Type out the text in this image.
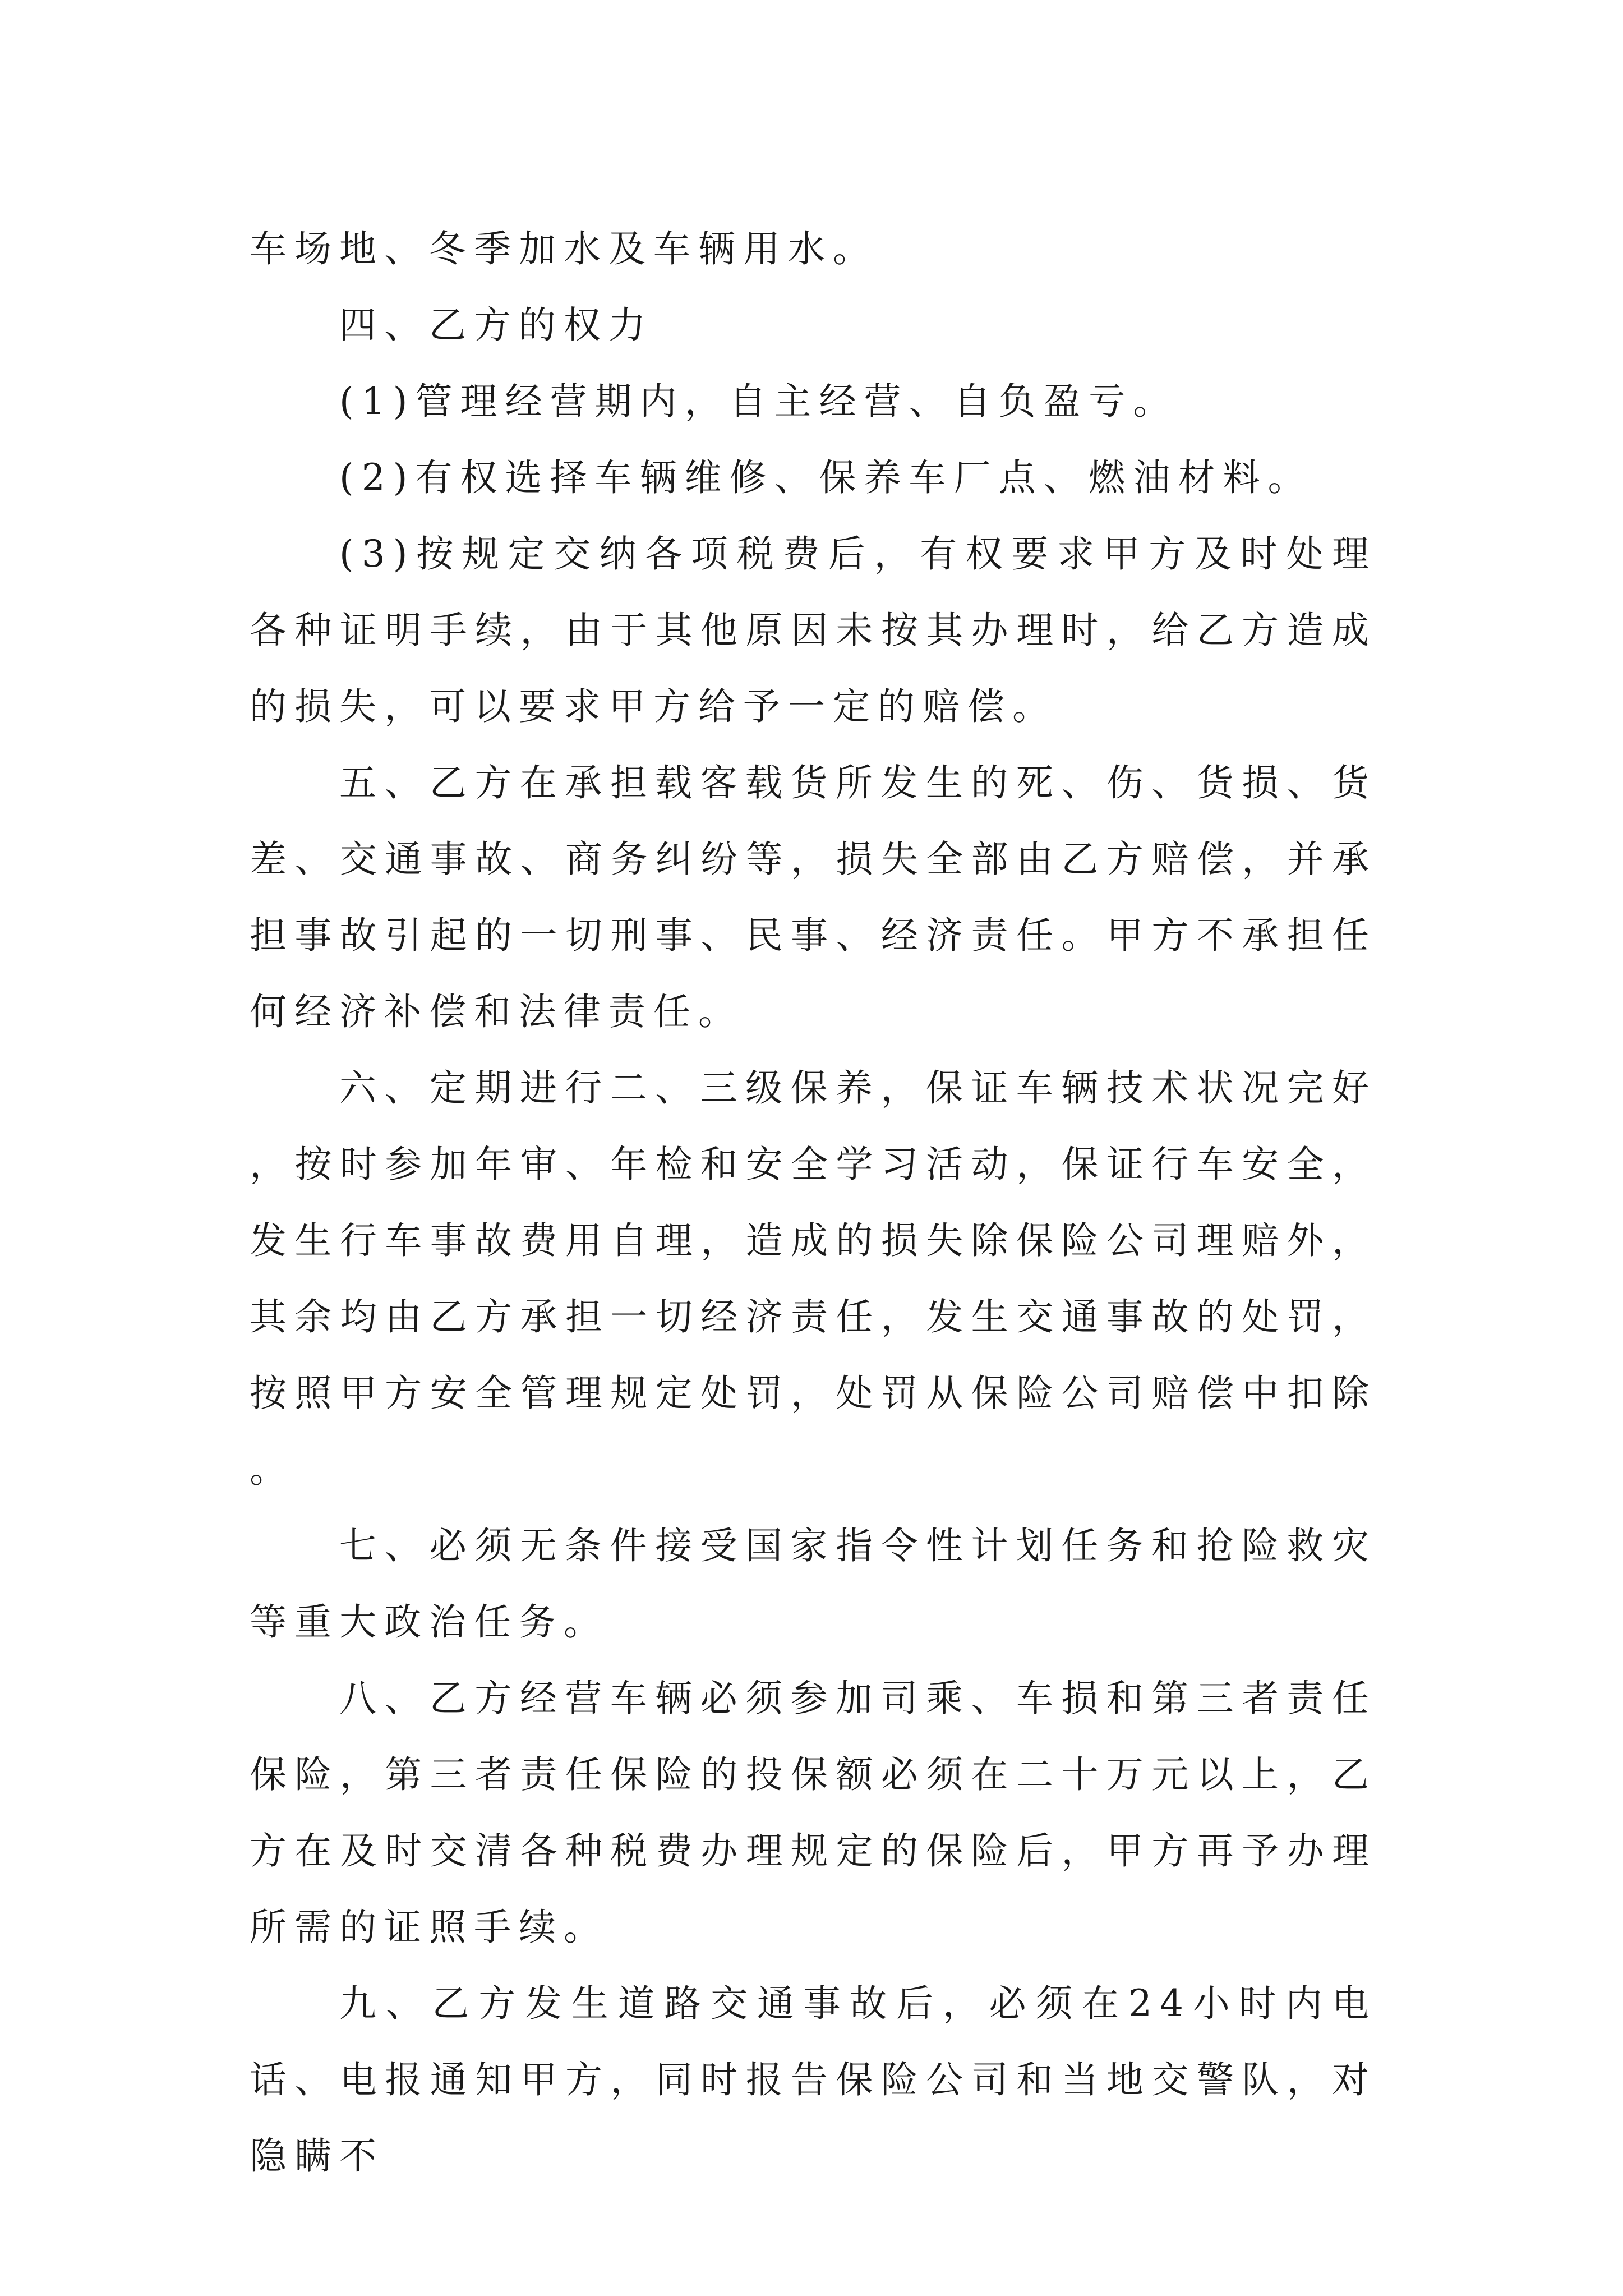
车场地、冬季加水及车辆用水。

四、乙方的权力

(1)管理经营期内，自主经营、自负盈亏。

(2)有权选择车辆维修、保养车厂点、燃油材料。

(3)按规定交纳各项税费后，有权要求甲方及时处理各种证明手续，由于其他原因未按其办理时，给乙方造成的损失，可以要求甲方给予一定的赔偿。

五、乙方在承担载客载货所发生的死、伤、货损、货差、交通事故、商务纠纷等，损失全部由乙方赔偿，并承担事故引起的一切刑事、民事、经济责任。甲方不承担任何经济补偿和法律责任。

六、定期进行二、三级保养，保证车辆技术状况完好，按时参加年审、年检和安全学习活动，保证行车安全，发生行车事故费用自理，造成的损失除保险公司理赔外，其余均由乙方承担一切经济责任，发生交通事故的处罚，按照甲方安全管理规定处罚，处罚从保险公司赔偿中扣除。

七、必须无条件接受国家指令性计划任务和抢险救灾等重大政治任务。

八、乙方经营车辆必须参加司乘、车损和第三者责任保险，第三者责任保险的投保额必须在二十万元以上，乙方在及时交清各种税费办理规定的保险后，甲方再予办理所需的证照手续。

九、乙方发生道路交通事故后，必须在24小时内电话、电报通知甲方，同时报告保险公司和当地交警队，对隐瞒不
